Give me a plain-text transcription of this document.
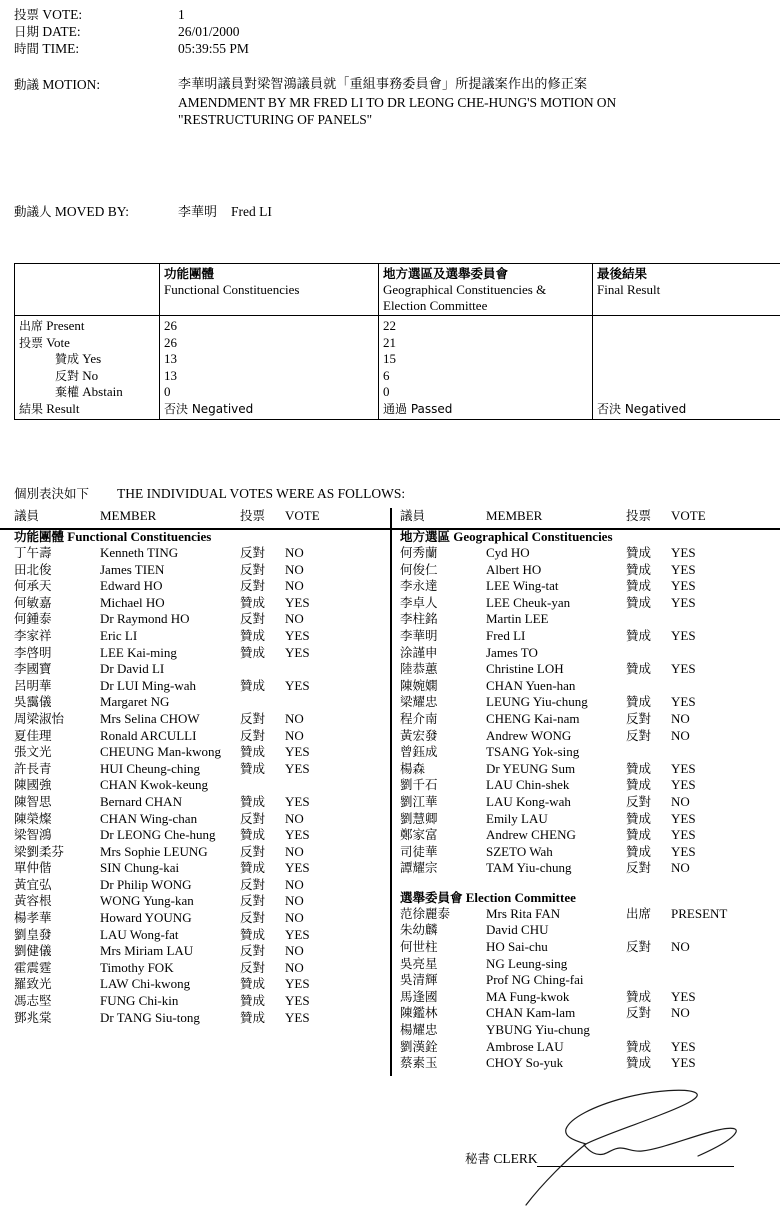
投票 VOTE:	1
日期 DATE:	26/01/2000
時間 TIME:	05:39:55 PM
動議 MOTION:	李華明議員對梁智鴻議員就「重組事務委員會」所提議案作出的修正案
AMENDMENT BY MR FRED LI TO DR LEONG CHE-HUNG'S MOTION ON
"RESTRUCTURING OF PANELS"
動議人 MOVED BY:	李華明 Fred LI

	功能團體
Functional Constituencies	地方選區及選舉委員會
Geographical Constituencies & Election Committee	最後結果
Final Result

出席 Present	26	22	
投票 Vote	26	21	
贊成 Yes	13	15	
反對 No	13	6	
棄權 Abstain	0	0	
結果 Result	否決 Negatived	通過 Passed	否決 Negatived
個別表決如下 THE INDIVIDUAL VOTES WERE AS FOLLOWS:
議員	MEMBER	投票 VOTE
功能團體 Functional Constituencies
丁午壽	Kenneth TING	反對 NO
田北俊	James TIEN	反對 NO
何承天	Edward HO	反對 NO
何敏嘉	Michael HO	贊成 YES
何鍾泰	Dr Raymond HO	反對 NO
李家祥	Eric LI	贊成 YES
李啓明	LEE Kai-ming	贊成 YES
李國寶	Dr David LI
呂明華	Dr LUI Ming-wah	贊成 YES
吳靄儀	Margaret NG
周梁淑怡	Mrs Selina CHOW	反對 NO
夏佳理	Ronald ARCULLI	反對 NO
張文光	CHEUNG Man-kwong 贊成 YES
許長青	HUI Cheung-ching	贊成 YES
陳國強	CHAN Kwok-keung
陳智思	Bernard CHAN	贊成 YES
陳榮燦	CHAN Wing-chan	反對 NO
梁智鴻	Dr LEONG Che-hung 贊成 YES
梁劉柔芬	Mrs Sophie LEUNG	反對 NO
單仲偕	SIN Chung-kai	贊成 YES
黃宜弘	Dr Philip WONG	反對 NO
黃容根	WONG Yung-kan	反對 NO
楊孝華	Howard YOUNG	反對 NO
劉皇發	LAU Wong-fat	贊成 YES
劉健儀	Mrs Miriam LAU	反對 NO
霍震霆	Timothy FOK	反對 NO
羅致光	LAW Chi-kwong	贊成 YES
馮志堅	FUNG Chi-kin	贊成 YES
鄧兆棠	Dr TANG Siu-tong	贊成 YES
議員	MEMBER	投票 VOTE
地方選區 Geographical Constituencies
何秀蘭	Cyd HO	贊成 YES
何俊仁	Albert HO	贊成 YES
李永達	LEE Wing-tat	贊成 YES
李卓人	LEE Cheuk-yan	贊成 YES
李柱銘	Martin LEE
李華明	Fred LI	贊成 YES
涂謹申	James TO
陸恭蕙	Christine LOH	贊成 YES
陳婉嫻	CHAN Yuen-han
梁耀忠	LEUNG Yiu-chung	贊成 YES
程介南	CHENG Kai-nam	反對 NO
黃宏發	Andrew WONG	反對 NO
曾鈺成	TSANG Yok-sing
楊森	Dr YEUNG Sum	贊成 YES
劉千石	LAU Chin-shek	贊成 YES
劉江華	LAU Kong-wah	反對 NO
劉慧卿	Emily LAU	贊成 YES
鄭家富	Andrew CHENG	贊成 YES
司徒華	SZETO Wah	贊成 YES
譚耀宗	TAM Yiu-chung	反對 NO
選舉委員會 Election Committee
范徐麗泰	Mrs Rita FAN	出席 PRESENT
朱幼麟	David CHU
何世柱	HO Sai-chu	反對 NO
吳亮星	NG Leung-sing
吳清輝	Prof NG Ching-fai
馬逢國	MA Fung-kwok	贊成 YES
陳鑑林	CHAN Kam-lam	反對 NO
楊耀忠	YBUNG Yiu-chung
劉漢銓	Ambrose LAU	贊成 YES
蔡素玉	CHOY So-yuk	贊成 YES
秘書 CLERK
